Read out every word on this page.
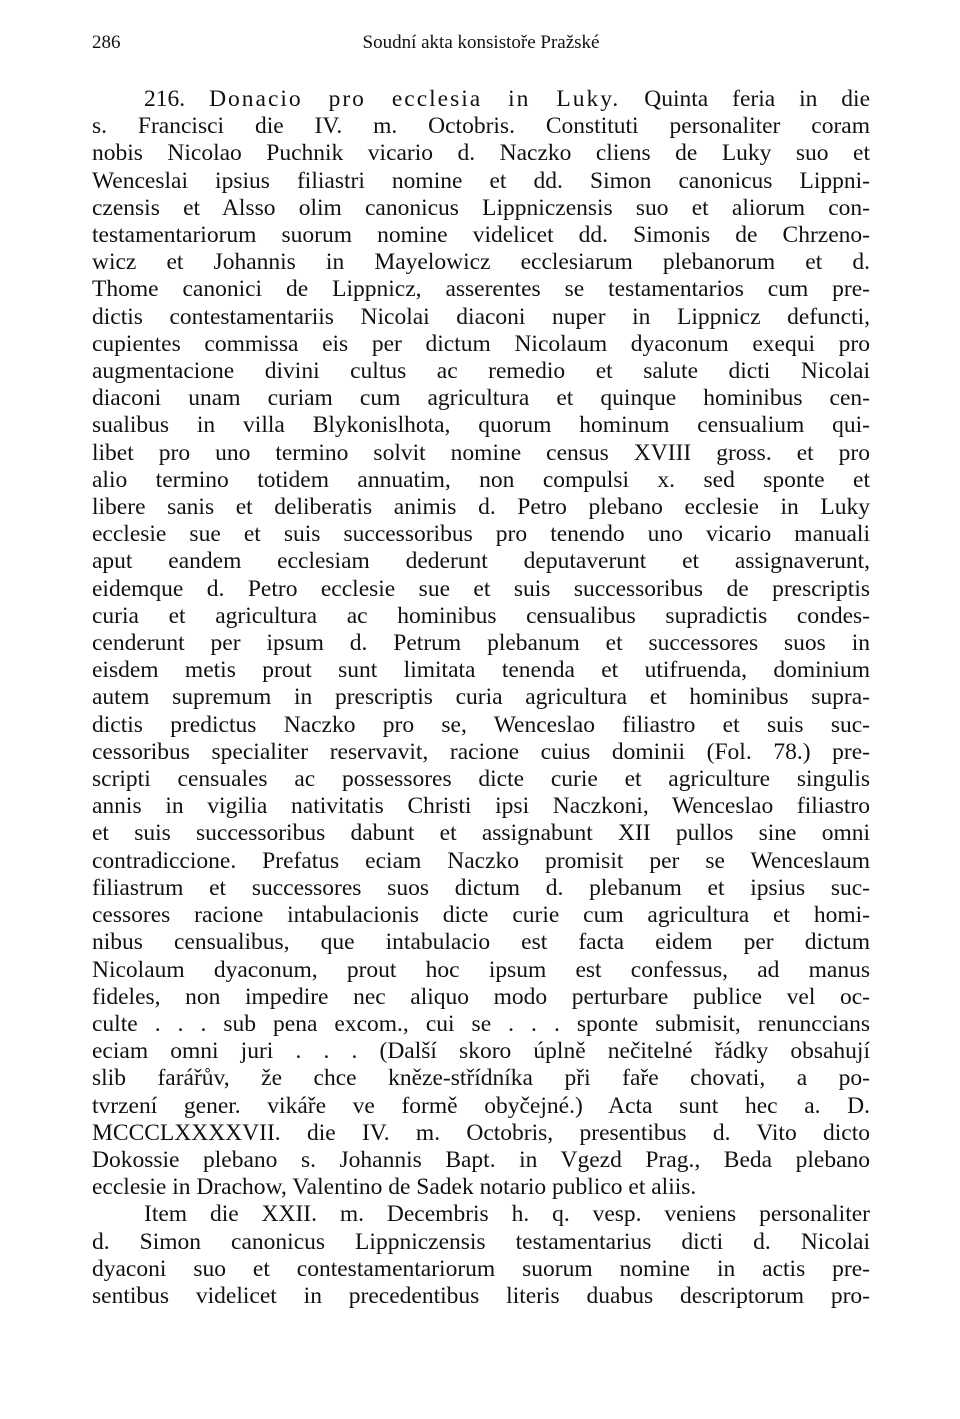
286	Soudní akta konsistoře Pražské

216. Donacio pro ecclesia in Luky. Quinta feria in die
s. Francisci die IV. m. Octobris. Constituti personaliter coram
nobis Nicolao Puchnik vicario d. Naczko cliens de Luky suo et
Wenceslai ipsius filiastri nomine et dd. Simon canonicus Lippni-
czensis et Alsso olim canonicus Lippniczensis suo et aliorum con-
testamentariorum suorum nomine videlicet dd. Simonis de Chrzeno-
wicz et Johannis in Mayelowicz ecclesiarum plebanorum et d.
Thome canonici de Lippnicz, asserentes se testamentarios cum pre-
dictis contestamentariis Nicolai diaconi nuper in Lippnicz defuncti,
cupientes commissa eis per dictum Nicolaum dyaconum exequi pro
augmentacione divini cultus ac remedio et salute dicti Nicolai
diaconi unam curiam cum agricultura et quinque hominibus cen-
sualibus in villa Blykonislhota, quorum hominum censualium qui-
libet pro uno termino solvit nomine census XVIII gross. et pro
alio termino totidem annuatim, non compulsi x. sed sponte et
libere sanis et deliberatis animis d. Petro plebano ecclesie in Luky
ecclesie sue et suis successoribus pro tenendo uno vicario manuali
aput eandem ecclesiam dederunt deputaverunt et assignaverunt,
eidemque d. Petro ecclesie sue et suis successoribus de prescriptis
curia et agricultura ac hominibus censualibus supradictis condes-
cenderunt per ipsum d. Petrum plebanum et successores suos in
eisdem metis prout sunt limitata tenenda et utifruenda, dominium
autem supremum in prescriptis curia agricultura et hominibus supra-
dictis predictus Naczko pro se, Wenceslao filiastro et suis suc-
cessoribus specialiter reservavit, racione cuius dominii (Fol. 78.) pre-
scripti censuales ac possessores dicte curie et agriculture singulis
annis in vigilia nativitatis Christi ipsi Naczkoni, Wenceslao filiastro
et suis successoribus dabunt et assignabunt XII pullos sine omni
contradiccione. Prefatus eciam Naczko promisit per se Wenceslaum
filiastrum et successores suos dictum d. plebanum et ipsius suc-
cessores racione intabulacionis dicte curie cum agricultura et homi-
nibus censualibus, que intabulacio est facta eidem per dictum
Nicolaum dyaconum, prout hoc ipsum est confessus, ad manus
fideles, non impedire nec aliquo modo perturbare publice vel oc-
culte . . . sub pena excom., cui se . . . sponte submisit, renunccians
eciam omni juri . . . (Další skoro úplně nečitelné řádky obsahují
slib farářův, že chce kněze-střídníka při faře chovati, a po-
tvrzení gener. vikáře ve formě obyčejné.) Acta sunt hec a. D.
MCCCLXXXXVII. die IV. m. Octobris, presentibus d. Vito dicto
Dokossie plebano s. Johannis Bapt. in Vgezd Prag., Beda plebano
ecclesie in Drachow, Valentino de Sadek notario publico et aliis.

Item die XXII. m. Decembris h. q. vesp. veniens personaliter
d. Simon canonicus Lippniczensis testamentarius dicti d. Nicolai
dyaconi suo et contestamentariorum suorum nomine in actis pre-
sentibus videlicet in precedentibus literis duabus descriptorum pro-
